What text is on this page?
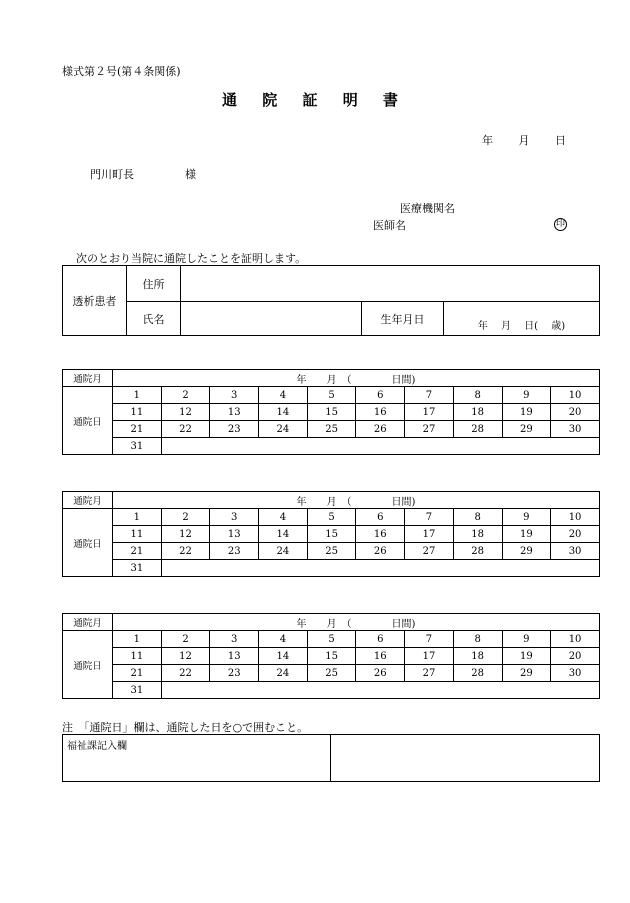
様式第２号(第４条関係)
通 院 証 明 書
年 月 日
門川町長	様
医療機関名
医師名	印
次のとおり当院に通院したことを証明します。
透析患者	住所			
	氏名		生年月日	年　 月　 日(　 歳)
通院月	年　　月　（　　　　日間)									
通院日	1	2	3	4	5	6	7	8	9	10
	11	12	13	14	15	16	17	18	19	20
	21	22	23	24	25	26	27	28	29	30
	31									
通院月	年　　月　（　　　　日間)									
通院日	1	2	3	4	5	6	7	8	9	10
	11	12	13	14	15	16	17	18	19	20
	21	22	23	24	25	26	27	28	29	30
	31									
通院月	年　　月　（　　　　日間)									
通院日	1	2	3	4	5	6	7	8	9	10
	11	12	13	14	15	16	17	18	19	20
	21	22	23	24	25	26	27	28	29	30
	31									
注　「通院日」欄は、通院した日を○で囲むこと。
福祉課記入欄	
